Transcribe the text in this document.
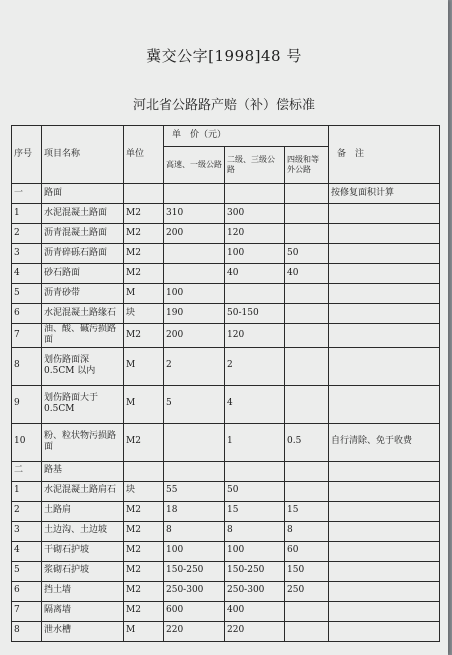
冀交公字[1998]48 号
河北省公路路产赔（补）偿标准
序号	项目名称	单位	单　价（元）			备　注
			高速、一级公路	二级、三级公路	四级和等外公路	
一	路面					按修复面积计算
1	水泥混凝土路面	M2	310	300		
2	沥青混凝土路面	M2	200	120		
3	沥青碎砾石路面	M2		100	50	
4	砂石路面	M2		40	40	
5	沥青砂带	M	100			
6	水泥混凝土路缘石	块	190	50-150		
7	油、酸、碱污损路面	M2	200	120		
8	划伤路面深 0.5CM 以内	M	2	2		
9	划伤路面大于 0.5CM	M	5	4		
10	粉、粒状物污损路面	M2		1	0.5	自行清除、免于收费
二	路基					
1	水泥混凝土路肩石	块	55	50		
2	土路肩	M2	18	15	15	
3	土边沟、土边坡	M2	8	8	8	
4	干砌石护坡	M2	100	100	60	
5	浆砌石护坡	M2	150-250	150-250	150	
6	挡土墙	M2	250-300	250-300	250	
7	隔离墙	M2	600	400		
8	泄水槽	M	220	220		
